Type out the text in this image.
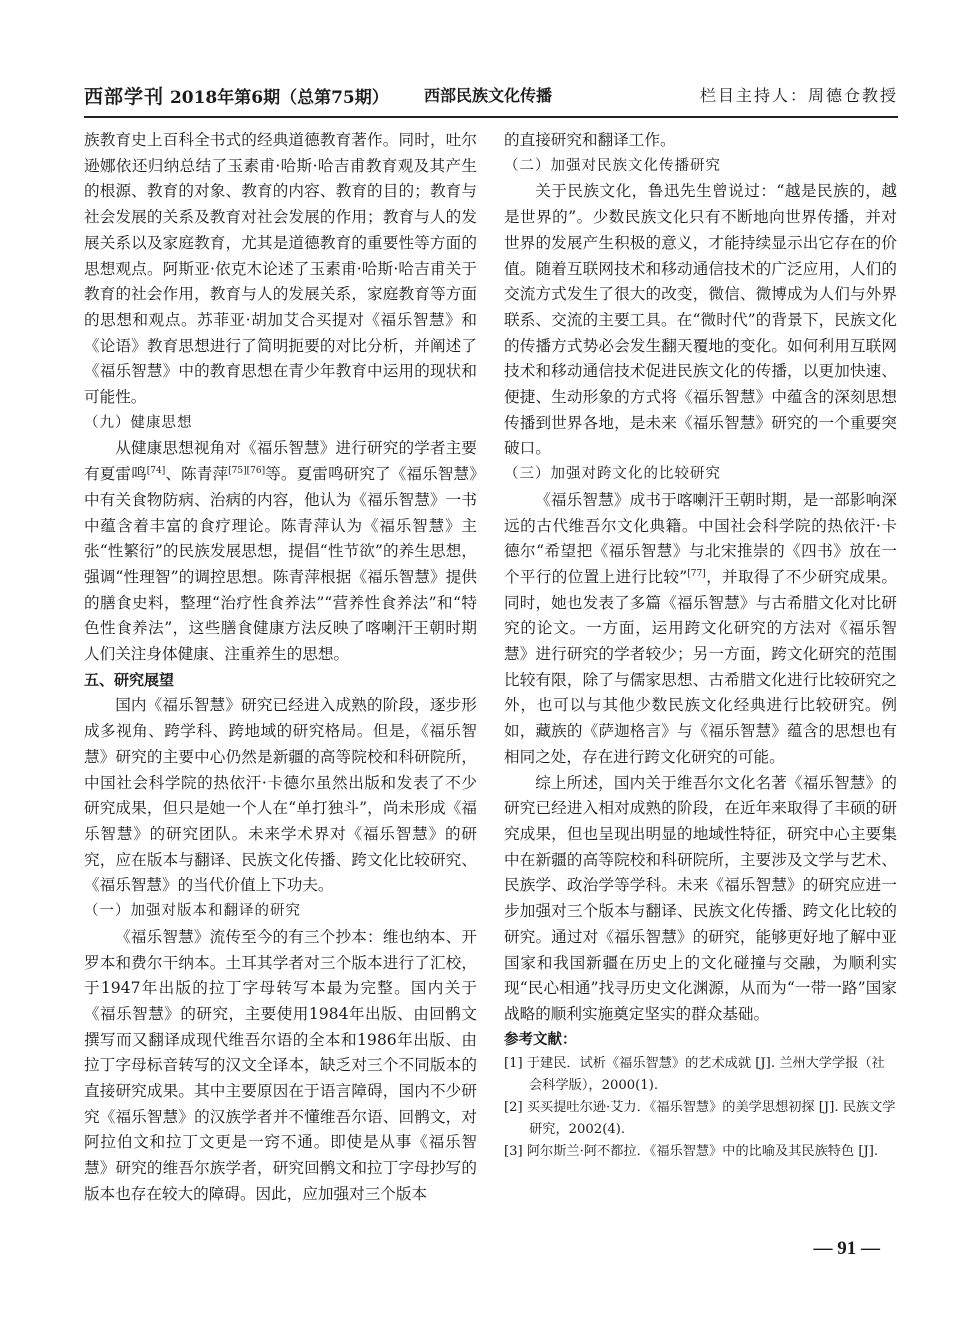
西部学刊 2018年第6期（总第75期） 西部民族文化传播	栏目主持人：周德仓教授

族教育史上百科全书式的经典道德教育著作。同时，吐尔逊娜依还归纳总结了玉素甫·哈斯·哈吉甫教育观及其产生的根源、教育的对象、教育的内容、教育的目的；教育与社会发展的关系及教育对社会发展的作用；教育与人的发展关系以及家庭教育，尤其是道德教育的重要性等方面的思想观点。阿斯亚·依克木论述了玉素甫·哈斯·哈吉甫关于教育的社会作用，教育与人的发展关系，家庭教育等方面的思想和观点。苏菲亚·胡加艾合买提对《福乐智慧》和《论语》教育思想进行了简明扼要的对比分析，并阐述了《福乐智慧》中的教育思想在青少年教育中运用的现状和可能性。

（九）健康思想

从健康思想视角对《福乐智慧》进行研究的学者主要有夏雷鸣[74]、陈青萍[75][76]等。夏雷鸣研究了《福乐智慧》中有关食物防病、治病的内容，他认为《福乐智慧》一书中蕴含着丰富的食疗理论。陈青萍认为《福乐智慧》主张“性繁衍”的民族发展思想，提倡“性节欲”的养生思想，强调“性理智”的调控思想。陈青萍根据《福乐智慧》提供的膳食史料，整理“治疗性食养法”“营养性食养法”和“特色性食养法”，这些膳食健康方法反映了喀喇汗王朝时期人们关注身体健康、注重养生的思想。

五、研究展望

国内《福乐智慧》研究已经进入成熟的阶段，逐步形成多视角、跨学科、跨地域的研究格局。但是，《福乐智慧》研究的主要中心仍然是新疆的高等院校和科研院所，中国社会科学院的热依汗·卡德尔虽然出版和发表了不少研究成果，但只是她一个人在“单打独斗”，尚未形成《福乐智慧》的研究团队。未来学术界对《福乐智慧》的研究，应在版本与翻译、民族文化传播、跨文化比较研究、《福乐智慧》的当代价值上下功夫。

（一）加强对版本和翻译的研究

《福乐智慧》流传至今的有三个抄本：维也纳本、开罗本和费尔干纳本。土耳其学者对三个版本进行了汇校，于1947年出版的拉丁字母转写本最为完整。国内关于《福乐智慧》的研究，主要使用1984年出版、由回鹘文撰写而又翻译成现代维吾尔语的全本和1986年出版、由拉丁字母标音转写的汉文全译本，缺乏对三个不同版本的直接研究成果。其中主要原因在于语言障碍，国内不少研究《福乐智慧》的汉族学者并不懂维吾尔语、回鹘文，对阿拉伯文和拉丁文更是一窍不通。即使是从事《福乐智慧》研究的维吾尔族学者，研究回鹘文和拉丁字母抄写的版本也存在较大的障碍。因此，应加强对三个版本

的直接研究和翻译工作。

（二）加强对民族文化传播研究

关于民族文化，鲁迅先生曾说过：“越是民族的，越是世界的”。少数民族文化只有不断地向世界传播，并对世界的发展产生积极的意义，才能持续显示出它存在的价值。随着互联网技术和移动通信技术的广泛应用，人们的交流方式发生了很大的改变，微信、微博成为人们与外界联系、交流的主要工具。在“微时代”的背景下，民族文化的传播方式势必会发生翻天覆地的变化。如何利用互联网技术和移动通信技术促进民族文化的传播，以更加快速、便捷、生动形象的方式将《福乐智慧》中蕴含的深刻思想传播到世界各地，是未来《福乐智慧》研究的一个重要突破口。

（三）加强对跨文化的比较研究

《福乐智慧》成书于喀喇汗王朝时期，是一部影响深远的古代维吾尔文化典籍。中国社会科学院的热依汗·卡德尔“希望把《福乐智慧》与北宋推崇的《四书》放在一个平行的位置上进行比较”[77]，并取得了不少研究成果。同时，她也发表了多篇《福乐智慧》与古希腊文化对比研究的论文。一方面，运用跨文化研究的方法对《福乐智慧》进行研究的学者较少；另一方面，跨文化研究的范围比较有限，除了与儒家思想、古希腊文化进行比较研究之外，也可以与其他少数民族文化经典进行比较研究。例如，藏族的《萨迦格言》与《福乐智慧》蕴含的思想也有相同之处，存在进行跨文化研究的可能。

综上所述，国内关于维吾尔文化名著《福乐智慧》的研究已经进入相对成熟的阶段，在近年来取得了丰硕的研究成果，但也呈现出明显的地域性特征，研究中心主要集中在新疆的高等院校和科研院所，主要涉及文学与艺术、民族学、政治学等学科。未来《福乐智慧》的研究应进一步加强对三个版本与翻译、民族文化传播、跨文化比较的研究。通过对《福乐智慧》的研究，能够更好地了解中亚国家和我国新疆在历史上的文化碰撞与交融，为顺利实现“民心相通”找寻历史文化渊源，从而为“一带一路”国家战略的顺利实施奠定坚实的群众基础。

参考文献：

[1] 于建民．试析《福乐智慧》的艺术成就 [J]. 兰州大学学报（社会科学版），2000(1).

[2] 买买提吐尔逊·艾力．《福乐智慧》的美学思想初探 [J]. 民族文学研究，2002(4).

[3] 阿尔斯兰·阿不都拉．《福乐智慧》中的比喻及其民族特色 [J].

— 91 —
